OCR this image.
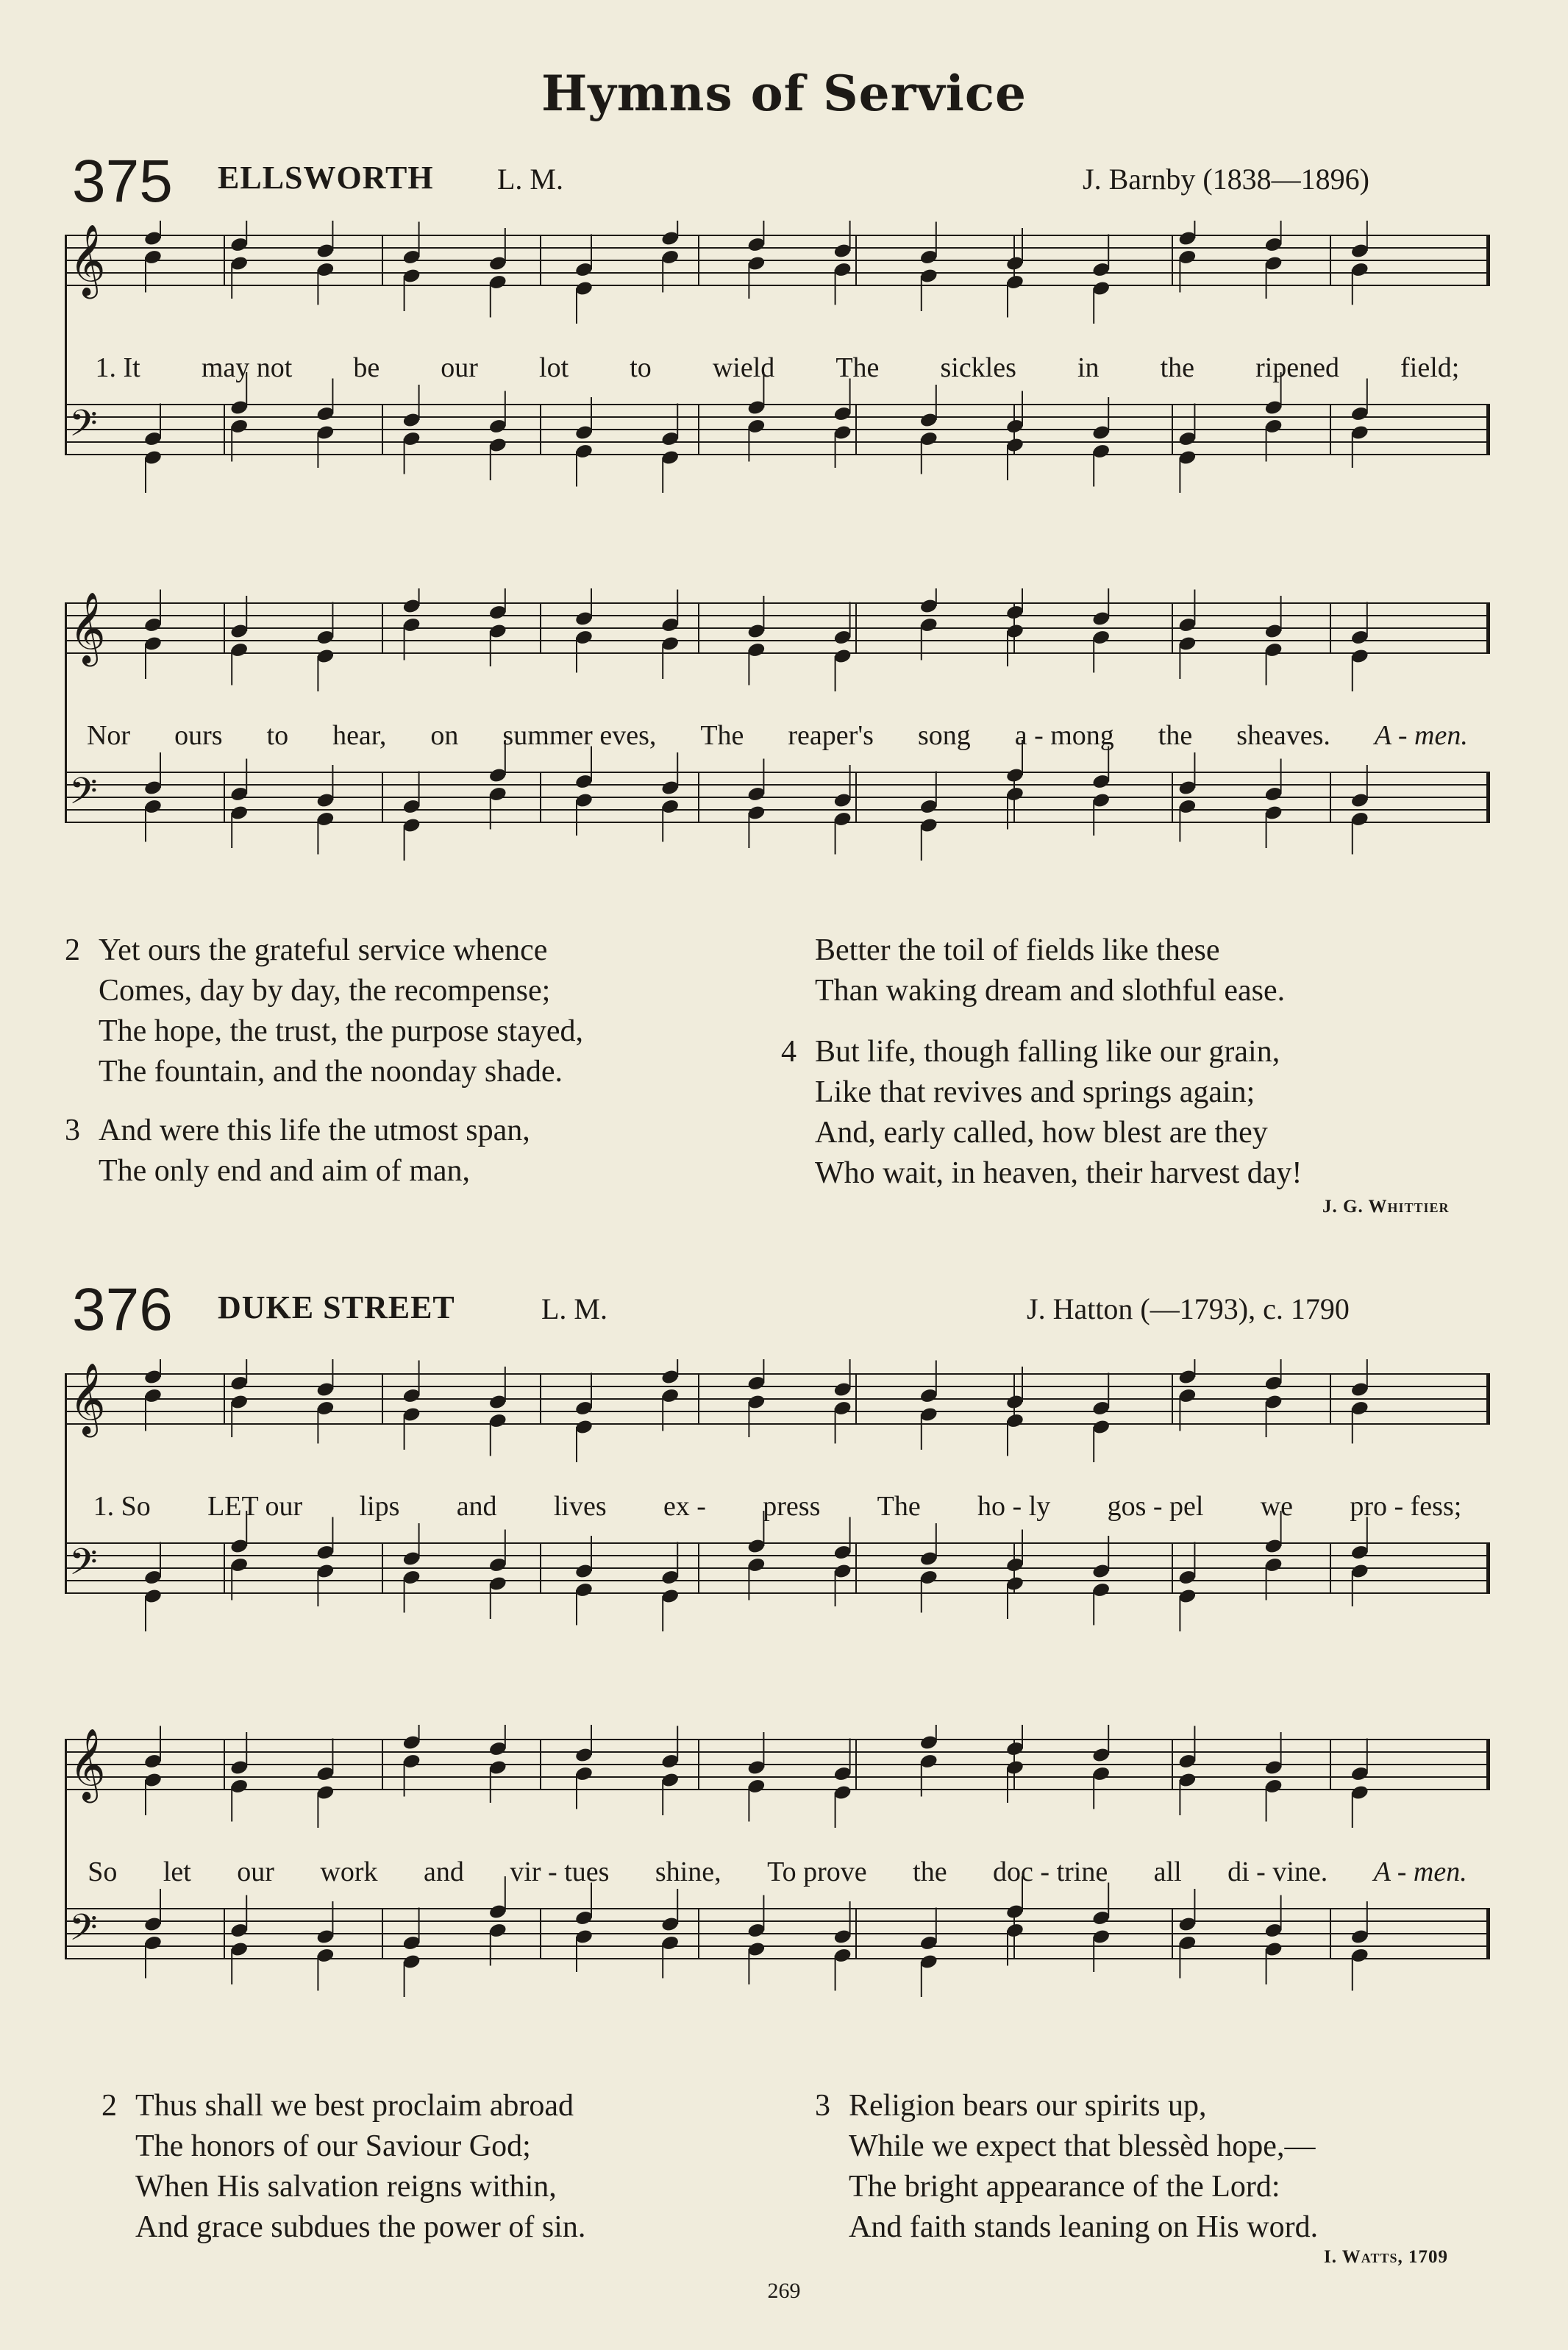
Hymns of Service
375 ELLSWORTH L. M.	J. Barnby (1838—1896)
𝄞
𝄢
1. It may not be our lot to wield The sickles in the ripened field;
𝄞
𝄢
Nor ours to hear, on summer eves, The reaper's song a - mong the sheaves. A - men.
2 Yet ours the grateful service whence
Comes, day by day, the recompense;
The hope, the trust, the purpose stayed,
The fountain, and the noonday shade.
3 And were this life the utmost span,
The only end and aim of man,
Better the toil of fields like these
Than waking dream and slothful ease.
4 But life, though falling like our grain,
Like that revives and springs again;
And, early called, how blest are they
Who wait, in heaven, their harvest day!
J. G. Whittier
376 DUKE STREET	L. M.	J. Hatton (—1793), c. 1790
𝄞
𝄢
1. So LET our lips and lives ex - press The ho - ly gos - pel we pro - fess;
𝄞
𝄢
So let our work and vir - tues shine, To prove the doc - trine all di - vine. A - men.
2 Thus shall we best proclaim abroad
The honors of our Saviour God;
When His salvation reigns within,
And grace subdues the power of sin.
3 Religion bears our spirits up,
While we expect that blessèd hope,—
The bright appearance of the Lord:
And faith stands leaning on His word.
I. Watts, 1709
269
